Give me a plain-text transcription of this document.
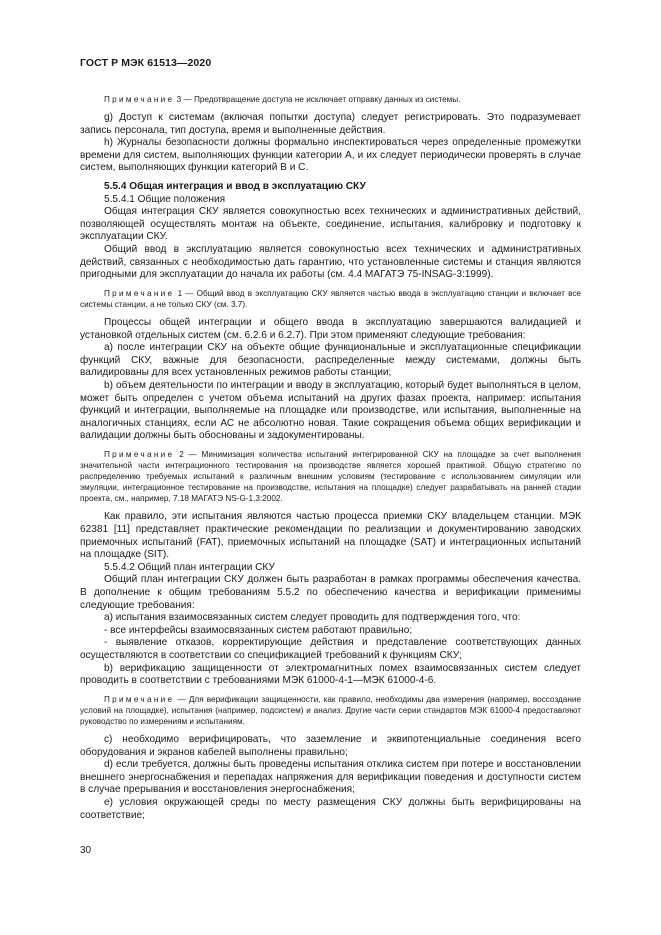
ГОСТ Р МЭК 61513—2020

Примечание 3 — Предотвращение доступа не исключает отправку данных из системы.

g) Доступ к системам (включая попытки доступа) следует регистрировать. Это подразумевает запись персонала, тип доступа, время и выполненные действия.

h) Журналы безопасности должны формально инспектироваться через определенные промежутки времени для систем, выполняющих функции категории А, и их следует периодически проверять в случае систем, выполняющих функции категорий В и С.

5.5.4 Общая интеграция и ввод в эксплуатацию СКУ

5.5.4.1 Общие положения

Общая интеграция СКУ является совокупностью всех технических и административных действий, позволяющей осуществлять монтаж на объекте, соединение, испытания, калибровку и подготовку к эксплуатации СКУ.

Общий ввод в эксплуатацию является совокупностью всех технических и административных действий, связанных с необходимостью дать гарантию, что установленные системы и станция являются пригодными для эксплуатации до начала их работы (см. 4.4 МАГАТЭ 75-INSAG-3:1999).

Примечание 1 — Общий ввод в эксплуатацию СКУ является частью ввода в эксплуатацию станции и включает все системы станции, а не только СКУ (см. 3.7).

Процессы общей интеграции и общего ввода в эксплуатацию завершаются валидацией и установкой отдельных систем (см. 6.2.6 и 6.2.7). При этом применяют следующие требования:

а) после интеграции СКУ на объекте общие функциональные и эксплуатационные спецификации функций СКУ, важные для безопасности, распределенные между системами, должны быть валидированы для всех установленных режимов работы станции;

b) объем деятельности по интеграции и вводу в эксплуатацию, который будет выполняться в целом, может быть определен с учетом объема испытаний на других фазах проекта, например: испытания функций и интеграции, выполняемые на площадке или производстве, или испытания, выполненные на аналогичных станциях, если АС не абсолютно новая. Такие сокращения объема общих верификации и валидации должны быть обоснованы и задокументированы.

Примечание 2 — Минимизация количества испытаний интегрированной СКУ на площадке за счет выполнения значительной части интеграционного тестирования на производстве является хорошей практикой. Общую стратегию по распределению требуемых испытаний к различным внешним условиям (тестирование с использованием симуляции или эмуляции, интеграционное тестирование на производстве, испытания на площадке) следует разрабатывать на ранней стадии проекта, см., например, 7.18 МАГАТЭ NS-G-1.3:2002.

Как правило, эти испытания являются частью процесса приемки СКУ владельцем станции. МЭК 62381 [11] представляет практические рекомендации по реализации и документированию заводских приемочных испытаний (FAT), приемочных испытаний на площадке (SAT) и интеграционных испытаний на площадке (SIT).

5.5.4.2 Общий план интеграции СКУ

Общий план интеграции СКУ должен быть разработан в рамках программы обеспечения качества. В дополнение к общим требованиям 5.5.2 по обеспечению качества и верификации применимы следующие требования:

а) испытания взаимосвязанных систем следует проводить для подтверждения того, что:

- все интерфейсы взаимосвязанных систем работают правильно;

- выявление отказов, корректирующие действия и представление соответствующих данных осуществляются в соответствии со спецификацией требований к функциям СКУ;

b) верификацию защищенности от электромагнитных помех взаимосвязанных систем следует проводить в соответствии с требованиями МЭК 61000-4-1—МЭК 61000-4-6.

Примечание — Для верификации защищенности, как правило, необходимы два измерения (например, воссоздание условий на площадке), испытания (например, подсистем) и анализ. Другие части серии стандартов МЭК 61000-4 предоставляют руководство по измерениям и испытаниям.

с) необходимо верифицировать, что заземление и эквипотенциальные соединения всего оборудования и экранов кабелей выполнены правильно;

d) если требуется, должны быть проведены испытания отклика систем при потере и восстановлении внешнего энергоснабжения и перепадах напряжения для верификации поведения и доступности систем в случае прерывания и восстановления энергоснабжения;

е) условия окружающей среды по месту размещения СКУ должны быть верифицированы на соответствие;

30
